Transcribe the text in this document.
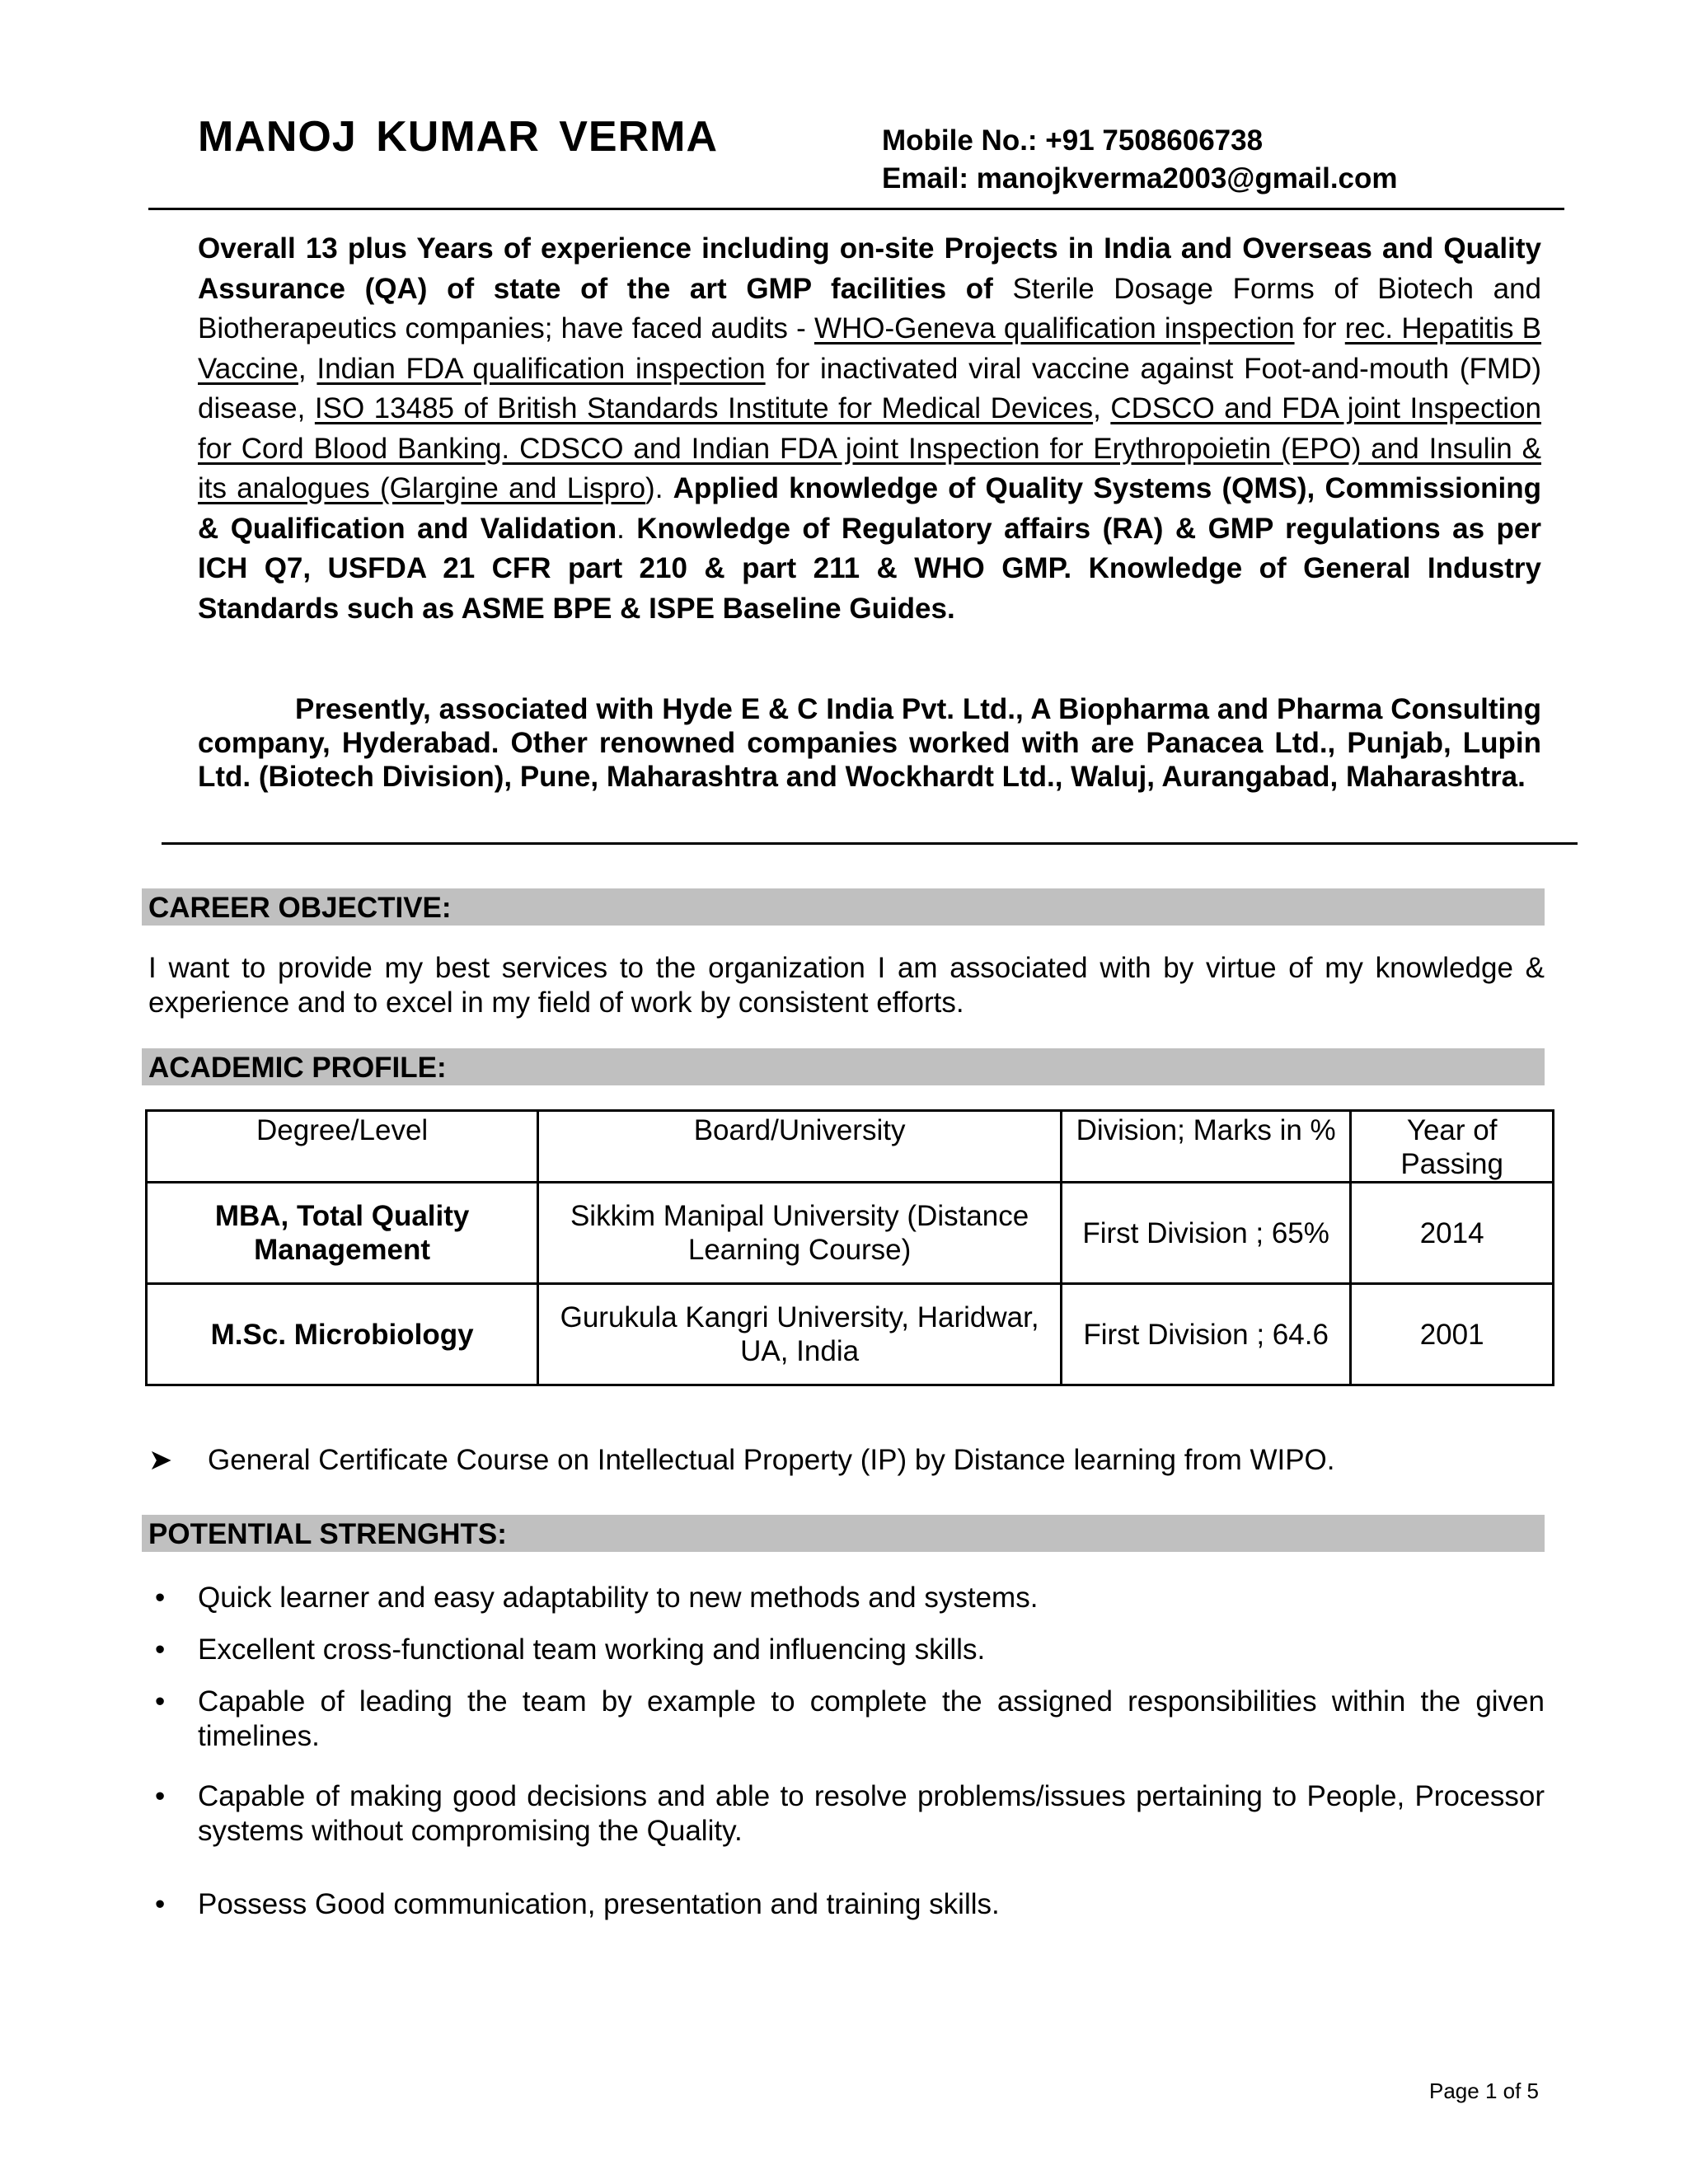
MANOJ KUMAR VERMA	Mobile No.: +91 7508606738
Email: manojkverma2003@gmail.com
Overall 13 plus Years of experience including on-site Projects in India and Overseas and Quality Assurance (QA) of state of the art GMP facilities of Sterile Dosage Forms of Biotech and Biotherapeutics companies; have faced audits - WHO-Geneva qualification inspection for rec. Hepatitis B Vaccine, Indian FDA qualification inspection for inactivated viral vaccine against Foot-and-mouth (FMD) disease, ISO 13485 of British Standards Institute for Medical Devices, CDSCO and FDA joint Inspection for Cord Blood Banking. CDSCO and Indian FDA joint Inspection for Erythropoietin (EPO) and Insulin & its analogues (Glargine and Lispro). Applied knowledge of Quality Systems (QMS), Commissioning & Qualification and Validation. Knowledge of Regulatory affairs (RA) & GMP regulations as per ICH Q7, USFDA 21 CFR part 210 & part 211 & WHO GMP. Knowledge of General Industry Standards such as ASME BPE & ISPE Baseline Guides.
Presently, associated with Hyde E & C India Pvt. Ltd., A Biopharma and Pharma Consulting company, Hyderabad. Other renowned companies worked with are Panacea Ltd., Punjab, Lupin Ltd. (Biotech Division), Pune, Maharashtra and Wockhardt Ltd., Waluj, Aurangabad, Maharashtra.
CAREER OBJECTIVE:
I want to provide my best services to the organization I am associated with by virtue of my knowledge & experience and to excel in my field of work by consistent efforts.
ACADEMIC PROFILE:
Degree/Level	Board/University	Division; Marks in %	Year of Passing
MBA, Total Quality Management	Sikkim Manipal University (Distance Learning Course)	First Division ; 65%	2014
M.Sc. Microbiology	Gurukula Kangri University, Haridwar, UA, India	First Division ; 64.6	2001
➤ General Certificate Course on Intellectual Property (IP) by Distance learning from WIPO.
POTENTIAL STRENGHTS:
• Quick learner and easy adaptability to new methods and systems.
• Excellent cross-functional team working and influencing skills.
• Capable of leading the team by example to complete the assigned responsibilities within the given timelines.
• Capable of making good decisions and able to resolve problems/issues pertaining to People, Processor systems without compromising the Quality.
• Possess Good communication, presentation and training skills.
Page 1 of 5
